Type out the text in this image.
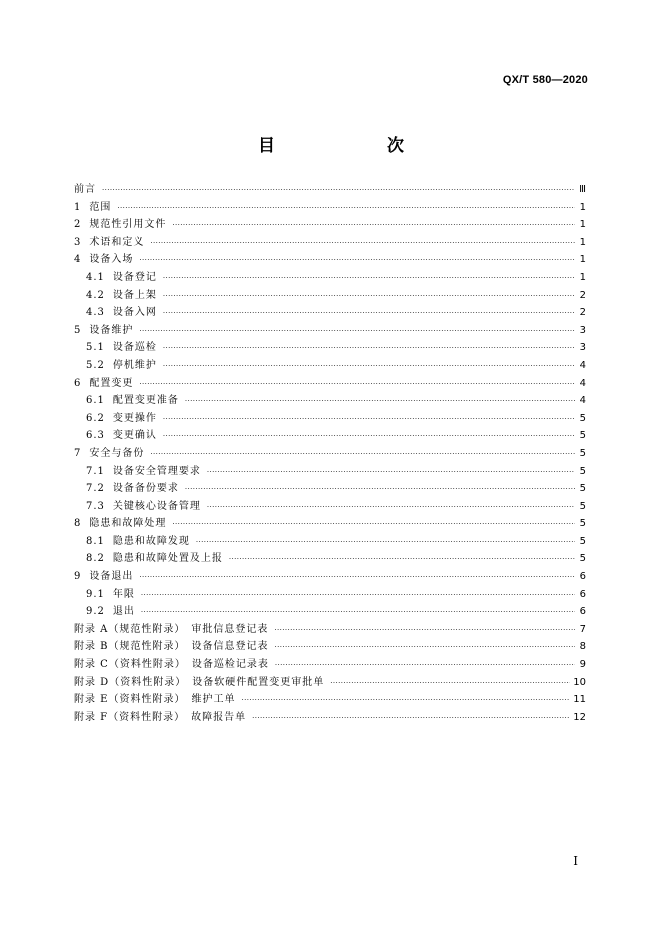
QX/T 580—2020
目　　次
前言 ·····	Ⅲ
1 范围 ·····	1
2 规范性引用文件 ·····	1
3 术语和定义 ·····	1
4 设备入场 ·····	1
4.1 设备登记 ·····	1
4.2 设备上架 ·····	2
4.3 设备入网 ·····	2
5 设备维护 ·····	3
5.1 设备巡检 ·····	3
5.2 停机维护 ·····	4
6 配置变更 ·····	4
6.1 配置变更准备 ·····	4
6.2 变更操作 ·····	5
6.3 变更确认 ·····	5
7 安全与备份 ·····	5
7.1 设备安全管理要求 ·····	5
7.2 设备备份要求 ·····	5
7.3 关键核心设备管理 ·····	5
8 隐患和故障处理 ·····	5
8.1 隐患和故障发现 ·····	5
8.2 隐患和故障处置及上报 ·····	5
9 设备退出 ·····	6
9.1 年限 ·····	6
9.2 退出 ·····	6
附录 A（规范性附录）　审批信息登记表 ·····	7
附录 B（规范性附录）　设备信息登记表 ·····	8
附录 C（资料性附录）　设备巡检记录表 ·····	9
附录 D（资料性附录）　设备软硬件配置变更审批单 ·····	10
附录 E（资料性附录）　维护工单 ·····	11
附录 F（资料性附录）　故障报告单 ·····	12
Ⅰ
